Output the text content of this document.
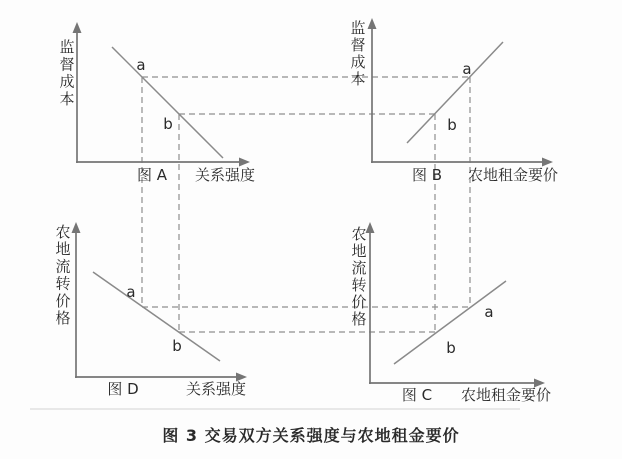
监
督
成
本
图 A 关系强度
a
b
监
督
成
本
图 B 农地租金要价
a
b
农
地
流
转
价
格
图 D	关系强度
a
b
农
地
流
转
价
格
图 C 农地租金要价
a
b
图 3 交易双方关系强度与农地租金要价
